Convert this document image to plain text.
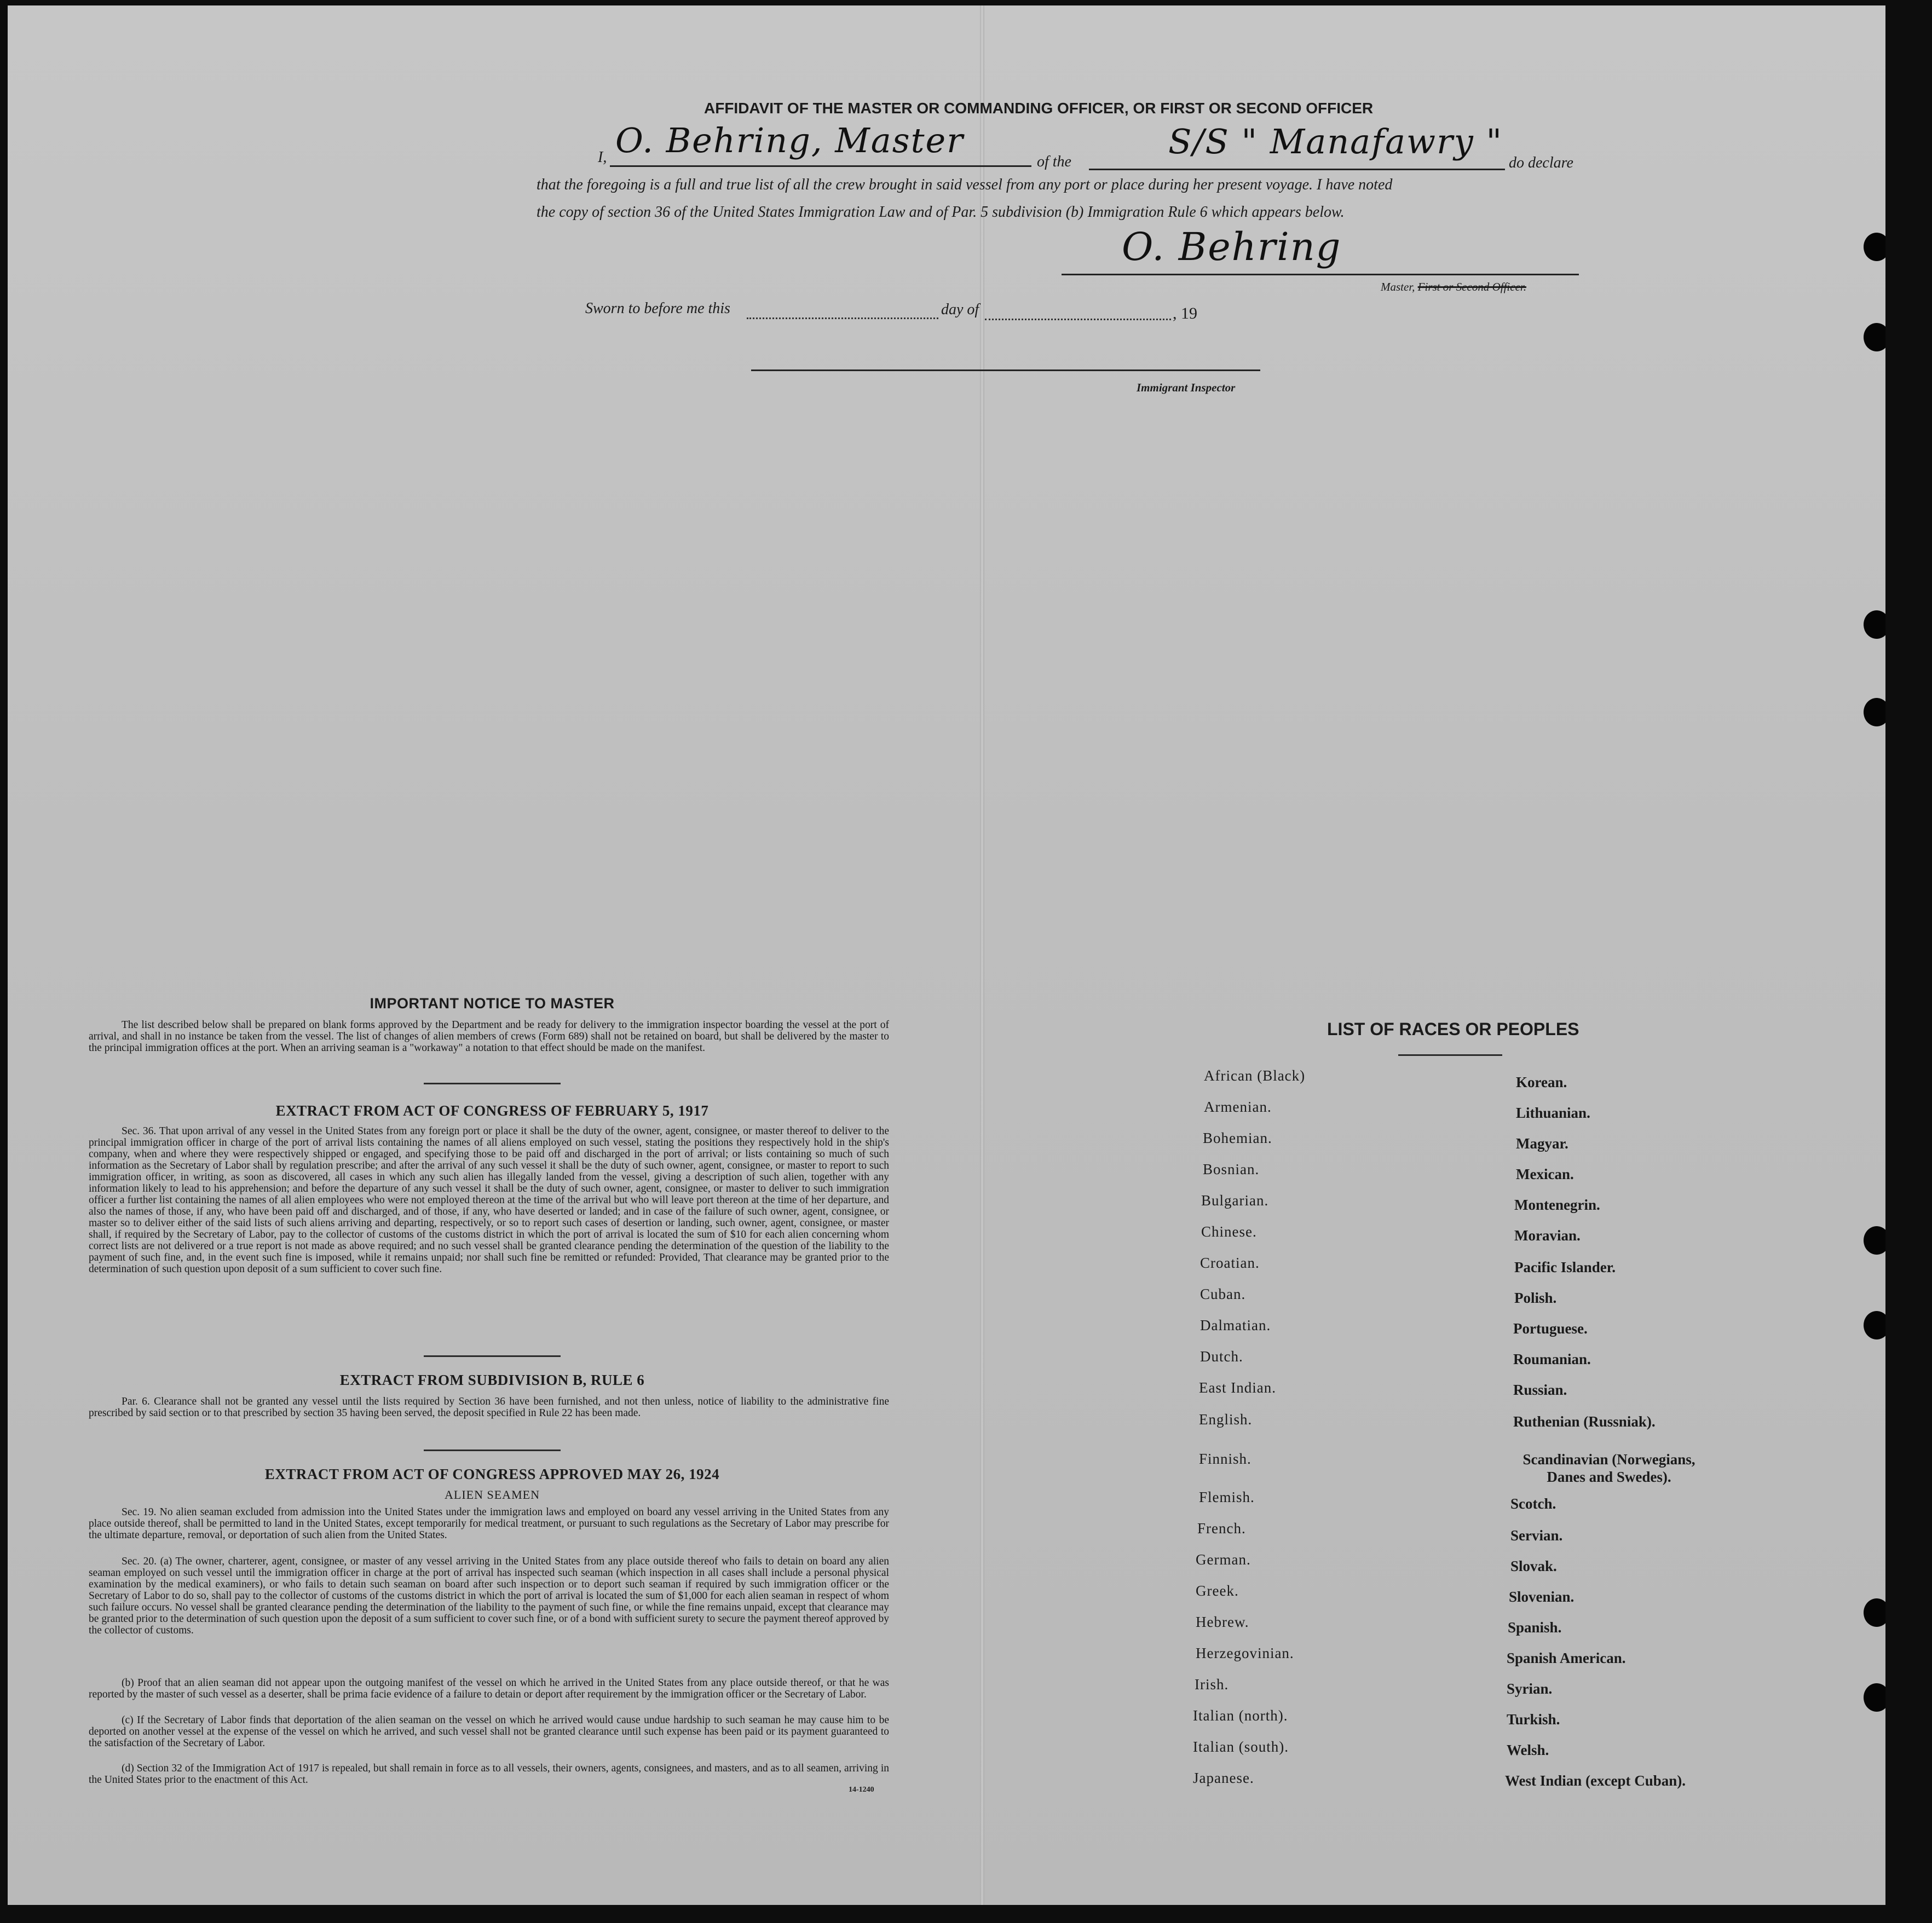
AFFIDAVIT OF THE MASTER OR COMMANDING OFFICER, OR FIRST OR SECOND OFFICER
I, O. Behring, Master
of the
S/S " Manafawry "
do declare
that the foregoing is a full and true list of all the crew brought in said vessel from any port or place during her present voyage. I have noted
the copy of section 36 of the United States Immigration Law and of Par. 5 subdivision (b) Immigration Rule 6 which appears below.
O. Behring
Master, First or Second Officer.
Sworn to before me this	day of	, 19
Immigrant Inspector
IMPORTANT NOTICE TO MASTER
The list described below shall be prepared on blank forms approved by the Department and be ready for delivery to the immigration inspector boarding the vessel at the port of arrival, and shall in no instance be taken from the vessel. The list of changes of alien members of crews (Form 689) shall not be retained on board, but shall be delivered by the master to the principal immigration offices at the port. When an arriving seaman is a "workaway" a notation to that effect should be made on the manifest.
EXTRACT FROM ACT OF CONGRESS OF FEBRUARY 5, 1917
Sec. 36. That upon arrival of any vessel in the United States from any foreign port or place it shall be the duty of the owner, agent, consignee, or master thereof to deliver to the principal immigration officer in charge of the port of arrival lists containing the names of all aliens employed on such vessel, stating the positions they respectively hold in the ship's company, when and where they were respectively shipped or engaged, and specifying those to be paid off and discharged in the port of arrival; or lists containing so much of such information as the Secretary of Labor shall by regulation prescribe; and after the arrival of any such vessel it shall be the duty of such owner, agent, consignee, or master to report to such immigration officer, in writing, as soon as discovered, all cases in which any such alien has illegally landed from the vessel, giving a description of such alien, together with any information likely to lead to his apprehension; and before the departure of any such vessel it shall be the duty of such owner, agent, consignee, or master to deliver to such immigration officer a further list containing the names of all alien employees who were not employed thereon at the time of the arrival but who will leave port thereon at the time of her departure, and also the names of those, if any, who have been paid off and discharged, and of those, if any, who have deserted or landed; and in case of the failure of such owner, agent, consignee, or master so to deliver either of the said lists of such aliens arriving and departing, respectively, or so to report such cases of desertion or landing, such owner, agent, consignee, or master shall, if required by the Secretary of Labor, pay to the collector of customs of the customs district in which the port of arrival is located the sum of $10 for each alien concerning whom correct lists are not delivered or a true report is not made as above required; and no such vessel shall be granted clearance pending the determination of the question of the liability to the payment of such fine, and, in the event such fine is imposed, while it remains unpaid; nor shall such fine be remitted or refunded: Provided, That clearance may be granted prior to the determination of such question upon deposit of a sum sufficient to cover such fine.
EXTRACT FROM SUBDIVISION B, RULE 6
Par. 6. Clearance shall not be granted any vessel until the lists required by Section 36 have been furnished, and not then unless, notice of liability to the administrative fine prescribed by said section or to that prescribed by section 35 having been served, the deposit specified in Rule 22 has been made.
EXTRACT FROM ACT OF CONGRESS APPROVED MAY 26, 1924
ALIEN SEAMEN
Sec. 19. No alien seaman excluded from admission into the United States under the immigration laws and employed on board any vessel arriving in the United States from any place outside thereof, shall be permitted to land in the United States, except temporarily for medical treatment, or pursuant to such regulations as the Secretary of Labor may prescribe for the ultimate departure, removal, or deportation of such alien from the United States.
Sec. 20. (a) The owner, charterer, agent, consignee, or master of any vessel arriving in the United States from any place outside thereof who fails to detain on board any alien seaman employed on such vessel until the immigration officer in charge at the port of arrival has inspected such seaman (which inspection in all cases shall include a personal physical examination by the medical examiners), or who fails to detain such seaman on board after such inspection or to deport such seaman if required by such immigration officer or the Secretary of Labor to do so, shall pay to the collector of customs of the customs district in which the port of arrival is located the sum of $1,000 for each alien seaman in respect of whom such failure occurs. No vessel shall be granted clearance pending the determination of the liability to the payment of such fine, or while the fine remains unpaid, except that clearance may be granted prior to the determination of such question upon the deposit of a sum sufficient to cover such fine, or of a bond with sufficient surety to secure the payment thereof approved by the collector of customs.
(b) Proof that an alien seaman did not appear upon the outgoing manifest of the vessel on which he arrived in the United States from any place outside thereof, or that he was reported by the master of such vessel as a deserter, shall be prima facie evidence of a failure to detain or deport after requirement by the immigration officer or the Secretary of Labor.
(c) If the Secretary of Labor finds that deportation of the alien seaman on the vessel on which he arrived would cause undue hardship to such seaman he may cause him to be deported on another vessel at the expense of the vessel on which he arrived, and such vessel shall not be granted clearance until such expense has been paid or its payment guaranteed to the satisfaction of the Secretary of Labor.
(d) Section 32 of the Immigration Act of 1917 is repealed, but shall remain in force as to all vessels, their owners, agents, consignees, and masters, and as to all seamen, arriving in the United States prior to the enactment of this Act.
14-1240
LIST OF RACES OR PEOPLES
African (Black)
Armenian.
Bohemian.
Bosnian.
Bulgarian.
Chinese.
Croatian.
Cuban.
Dalmatian.
Dutch.
East Indian.
English.
Finnish.
Flemish.
French.
German.
Greek.
Hebrew.
Herzegovinian.
Irish.
Italian (north).
Italian (south).
Japanese.
Korean.
Lithuanian.
Magyar.
Mexican.
Montenegrin.
Moravian.
Pacific Islander.
Polish.
Portuguese.
Roumanian.
Russian.
Ruthenian (Russniak).
Scandinavian (Norwegians, Danes and Swedes).
Scotch.
Servian.
Slovak.
Slovenian.
Spanish.
Spanish American.
Syrian.
Turkish.
Welsh.
West Indian (except Cuban).
